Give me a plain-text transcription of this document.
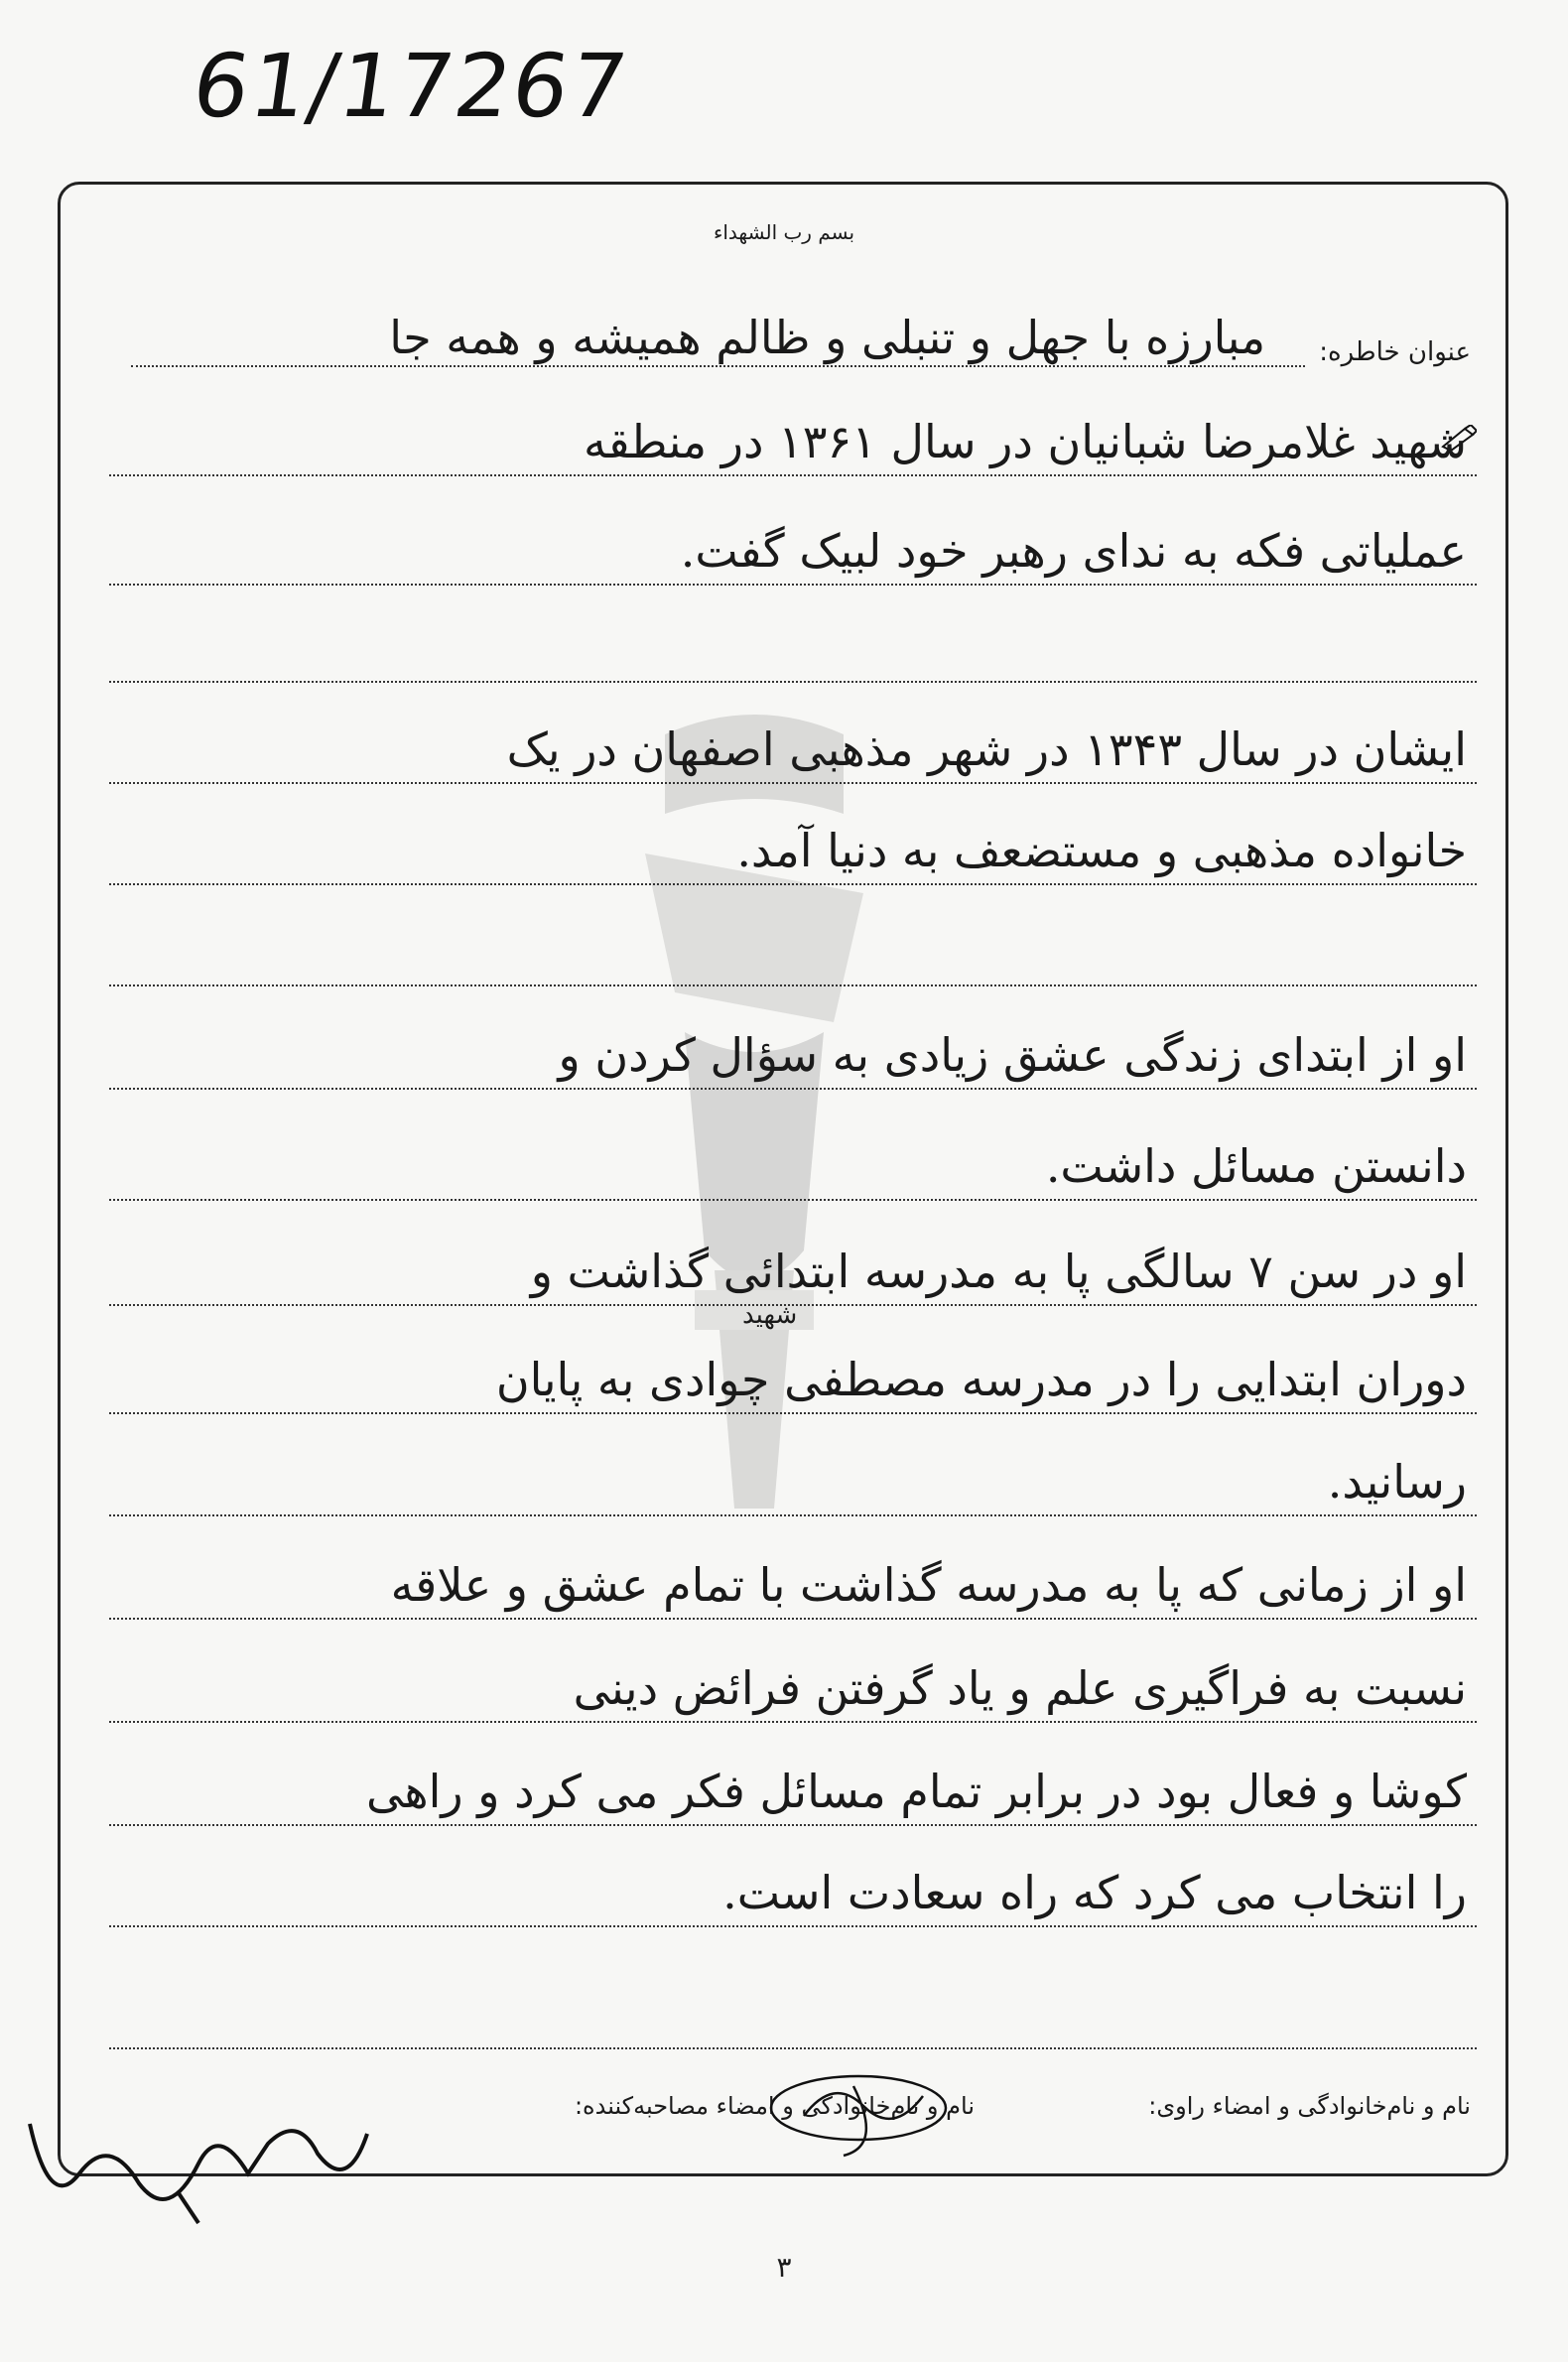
61/17267
بسم رب الشهداء
عنوان خاطره:
مبارزه با جهل و تنبلی و ظالم همیشه و همه جا
شهید غلامرضا شبانیان در سال ۱۳۶۱ در منطقه
عملیاتی فکه به ندای رهبر خود لبیک گفت.
ایشان در سال ۱۳۴۳ در شهر مذهبی اصفهان در یک
خانواده مذهبی و مستضعف به دنیا آمد.
او از ابتدای زندگی عشق زیادی به سؤال کردن و
دانستن مسائل داشت.
او در سن ۷ سالگی پا به مدرسه ابتدائی گذاشت و
دوران ابتدایی را در مدرسه مصطفی چوادی به پایان
رسانید.
او از زمانی که پا به مدرسه گذاشت با تمام عشق و علاقه
نسبت به فراگیری علم و یاد گرفتن فرائض دینی
کوشا و فعال بود در برابر تمام مسائل فکر می کرد و راهی
را انتخاب می کرد که راه سعادت است.
شهید
نام و نام‌خانوادگی و امضاء راوی:  نام و نام‌خانوادگی و امضاء مصاحبه‌کننده:
۳
